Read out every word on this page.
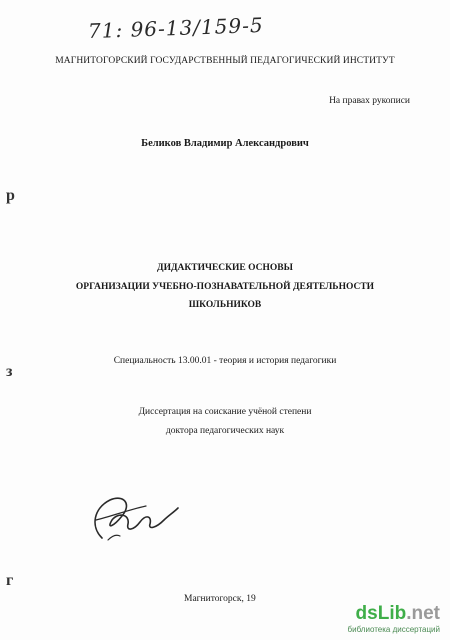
71: 96-13/159-5
МАГНИТОГОРСКИЙ ГОСУДАРСТВЕННЫЙ ПЕДАГОГИЧЕСКИЙ ИНСТИТУТ
На правах рукописи
Беликов Владимир Александрович
ДИДАКТИЧЕСКИЕ ОСНОВЫ
ОРГАНИЗАЦИИ УЧЕБНО-ПОЗНАВАТЕЛЬНОЙ ДЕЯТЕЛЬНОСТИ
ШКОЛЬНИКОВ
Специальность 13.00.01 - теория и история педагогики
Диссертация на соискание учёной степени
доктора педагогических наук
Магнитогорск, 19
р
з
г
dsLib.net
библиотека диссертаций
